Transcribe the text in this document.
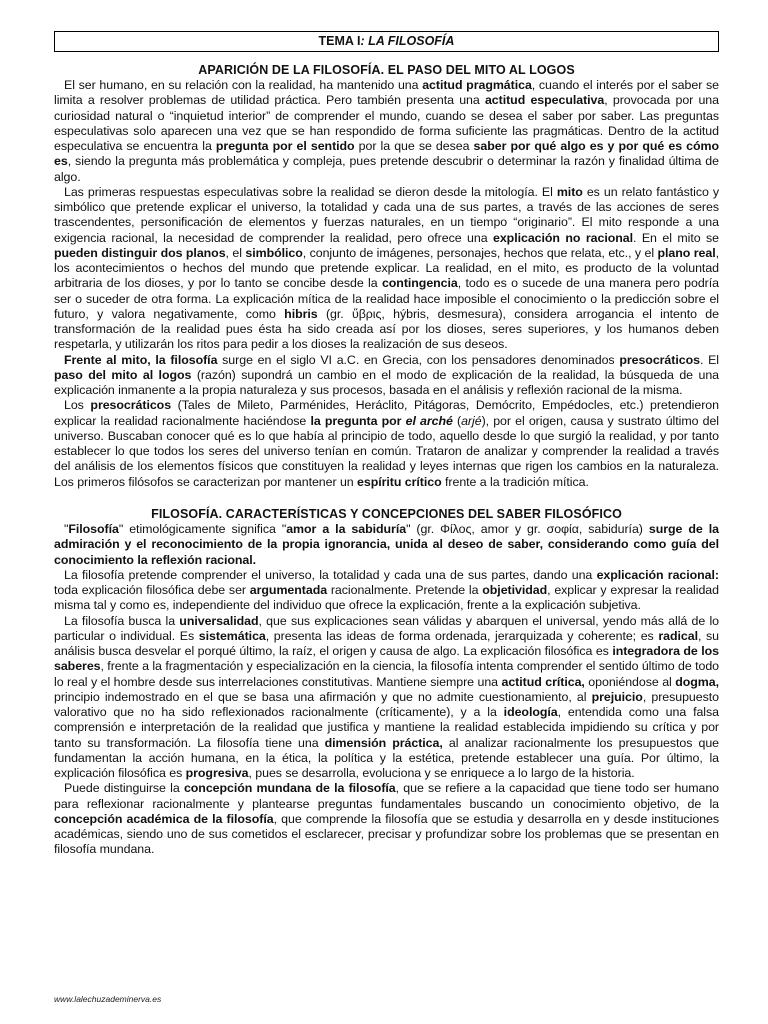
TEMA I: LA FILOSOFÍA
APARICIÓN DE LA FILOSOFÍA. EL PASO DEL MITO AL LOGOS

El ser humano, en su relación con la realidad, ha mantenido una actitud pragmática, cuando el interés por el saber se limita a resolver problemas de utilidad práctica. Pero también presenta una actitud especulativa, provocada por una curiosidad natural o “inquietud interior” de comprender el mundo, cuando se desea el saber por saber. Las preguntas especulativas solo aparecen una vez que se han respondido de forma suficiente las pragmáticas. Dentro de la actitud especulativa se encuentra la pregunta por el sentido por la que se desea saber por qué algo es y por qué es cómo es, siendo la pregunta más problemática y compleja, pues pretende descubrir o determinar la razón y finalidad última de algo.

Las primeras respuestas especulativas sobre la realidad se dieron desde la mitología. El mito es un relato fantástico y simbólico que pretende explicar el universo, la totalidad y cada una de sus partes, a través de las acciones de seres trascendentes, personificación de elementos y fuerzas naturales, en un tiempo “originario”. El mito responde a una exigencia racional, la necesidad de comprender la realidad, pero ofrece una explicación no racional. En el mito se pueden distinguir dos planos, el simbólico, conjunto de imágenes, personajes, hechos que relata, etc., y el plano real, los acontecimientos o hechos del mundo que pretende explicar. La realidad, en el mito, es producto de la voluntad arbitraria de los dioses, y por lo tanto se concibe desde la contingencia, todo es o sucede de una manera pero podría ser o suceder de otra forma. La explicación mítica de la realidad hace imposible el conocimiento o la predicción sobre el futuro, y valora negativamente, como hibris (gr. ὕβρις, hýbris, desmesura), considera arrogancia el intento de transformación de la realidad pues ésta ha sido creada así por los dioses, seres superiores, y los humanos deben respetarla, y utilizarán los ritos para pedir a los dioses la realización de sus deseos.

Frente al mito, la filosofía surge en el siglo VI a.C. en Grecia, con los pensadores denominados presocráticos. El paso del mito al logos (razón) supondrá un cambio en el modo de explicación de la realidad, la búsqueda de una explicación inmanente a la propia naturaleza y sus procesos, basada en el análisis y reflexión racional de la misma.

Los presocráticos (Tales de Mileto, Parménides, Heráclito, Pitágoras, Demócrito, Empédocles, etc.) pretendieron explicar la realidad racionalmente haciéndose la pregunta por el arché (arjé), por el origen, causa y sustrato último del universo. Buscaban conocer qué es lo que había al principio de todo, aquello desde lo que surgió la realidad, y por tanto establecer lo que todos los seres del universo tenían en común. Trataron de analizar y comprender la realidad a través del análisis de los elementos físicos que constituyen la realidad y leyes internas que rigen los cambios en la naturaleza. Los primeros filósofos se caracterizan por mantener un espíritu crítico frente a la tradición mítica.

FILOSOFÍA. CARACTERÍSTICAS Y CONCEPCIONES DEL SABER FILOSÓFICO

"Filosofía" etimológicamente significa "amor a la sabiduría" (gr. Φίλος, amor y gr. σοφία, sabiduría) surge de la admiración y el reconocimiento de la propia ignorancia, unida al deseo de saber, considerando como guía del conocimiento la reflexión racional.

La filosofía pretende comprender el universo, la totalidad y cada una de sus partes, dando una explicación racional: toda explicación filosófica debe ser argumentada racionalmente. Pretende la objetividad, explicar y expresar la realidad misma tal y como es, independiente del individuo que ofrece la explicación, frente a la explicación subjetiva.

La filosofía busca la universalidad, que sus explicaciones sean válidas y abarquen el universal, yendo más allá de lo particular o individual. Es sistemática, presenta las ideas de forma ordenada, jerarquizada y coherente; es radical, su análisis busca desvelar el porqué último, la raíz, el origen y causa de algo. La explicación filosófica es integradora de los saberes, frente a la fragmentación y especialización en la ciencia, la filosofía intenta comprender el sentido último de todo lo real y el hombre desde sus interrelaciones constitutivas. Mantiene siempre una actitud crítica, oponiéndose al dogma, principio indemostrado en el que se basa una afirmación y que no admite cuestionamiento, al prejuicio, presupuesto valorativo que no ha sido reflexionados racionalmente (críticamente), y a la ideología, entendida como una falsa comprensión e interpretación de la realidad que justifica y mantiene la realidad establecida impidiendo su crítica y por tanto su transformación. La filosofía tiene una dimensión práctica, al analizar racionalmente los presupuestos que fundamentan la acción humana, en la ética, la política y la estética, pretende establecer una guía. Por último, la explicación filosófica es progresiva, pues se desarrolla, evoluciona y se enriquece a lo largo de la historia.

Puede distinguirse la concepción mundana de la filosofía, que se refiere a la capacidad que tiene todo ser humano para reflexionar racionalmente y plantearse preguntas fundamentales buscando un conocimiento objetivo, de la concepción académica de la filosofía, que comprende la filosofía que se estudia y desarrolla en y desde instituciones académicas, siendo uno de sus cometidos el esclarecer, precisar y profundizar sobre los problemas que se presentan en filosofía mundana.

www.lalechuzademinerva.es
